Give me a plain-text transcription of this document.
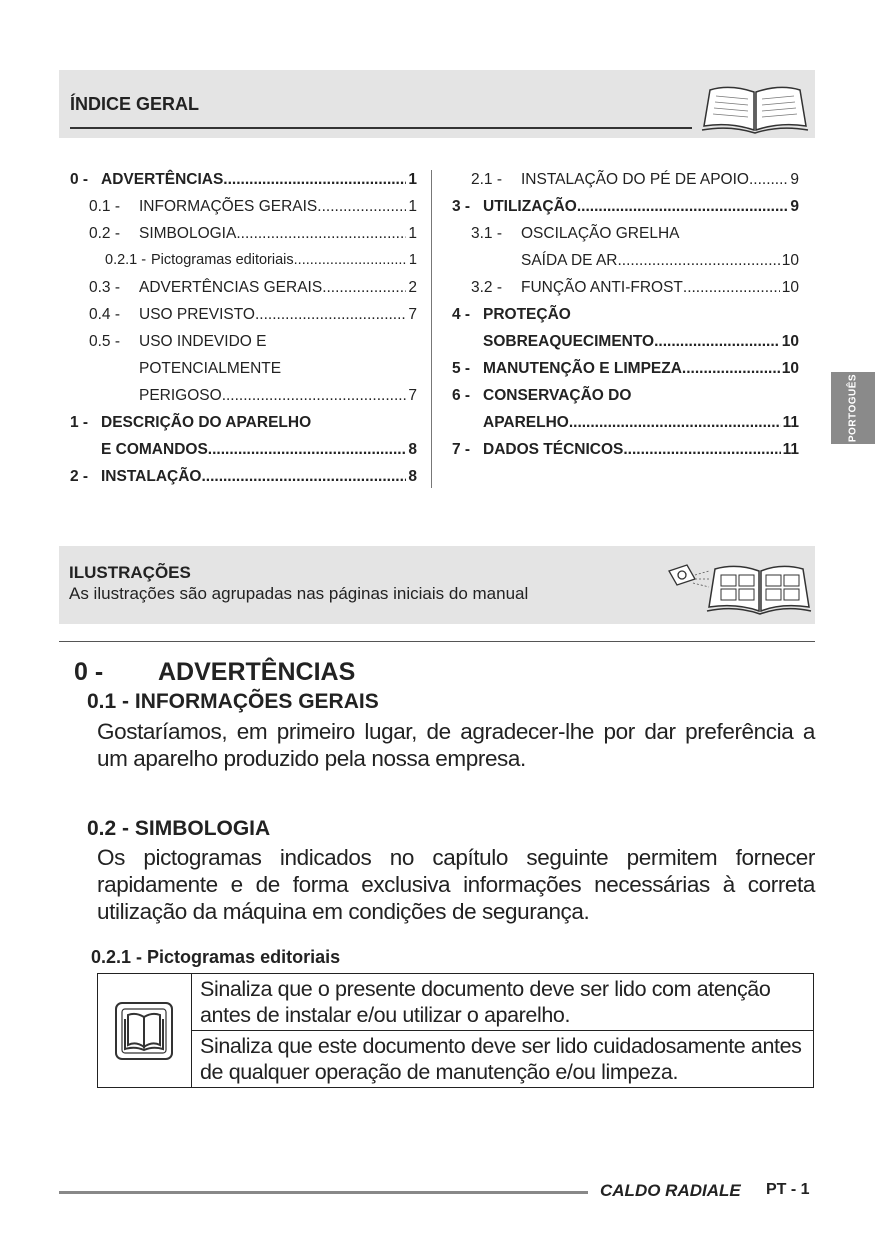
ÍNDICE GERAL
0 - ADVERTÊNCIAS .....	1
0.1 -	INFORMAÇÕES GERAIS .....	1
0.2 -	SIMBOLOGIA .....	1
0.2.1 - Pictogramas editoriais .....	1
0.3 -	ADVERTÊNCIAS GERAIS .....	2
0.4 -	USO PREVISTO .....	7
0.5 -	USO INDEVIDO E
POTENCIALMENTE
PERIGOSO .....	7
1 - DESCRIÇÃO DO APARELHO
E COMANDOS .....	8
2 - INSTALAÇÃO .....	8
2.1 -	INSTALAÇÃO DO PÉ DE APOIO .....	9
3 - UTILIZAÇÃO .....	9
3.1 -	OSCILAÇÃO GRELHA
SAÍDA DE AR .....	10
3.2 -	FUNÇÃO ANTI-FROST .....	10
4 - PROTEÇÃO
SOBREAQUECIMENTO .....	10
5 - MANUTENÇÃO E LIMPEZA .....	10
6 - CONSERVAÇÃO DO
APARELHO .....	11
7 - DADOS TÉCNICOS .....	11
PORTOGUÊS
ILUSTRAÇÕES
As ilustrações são agrupadas nas páginas iniciais do manual
0 - ADVERTÊNCIAS
0.1 - INFORMAÇÕES GERAIS
Gostaríamos, em primeiro lugar, de agradecer-lhe por dar preferência a um aparelho produzido pela nossa empresa.
0.2 - SIMBOLOGIA
Os pictogramas indicados no capítulo seguinte permitem fornecer rapidamente e de forma exclusiva informações necessárias à correta utilização da máquina em condições de segurança.
0.2.1 - Pictogramas editoriais
Sinaliza que o presente documento deve ser lido com atenção antes de instalar e/ou utilizar o aparelho.
Sinaliza que este documento deve ser lido cuidadosamente antes de qualquer operação de manutenção e/ou limpeza.
CALDO RADIALE PT - 1
